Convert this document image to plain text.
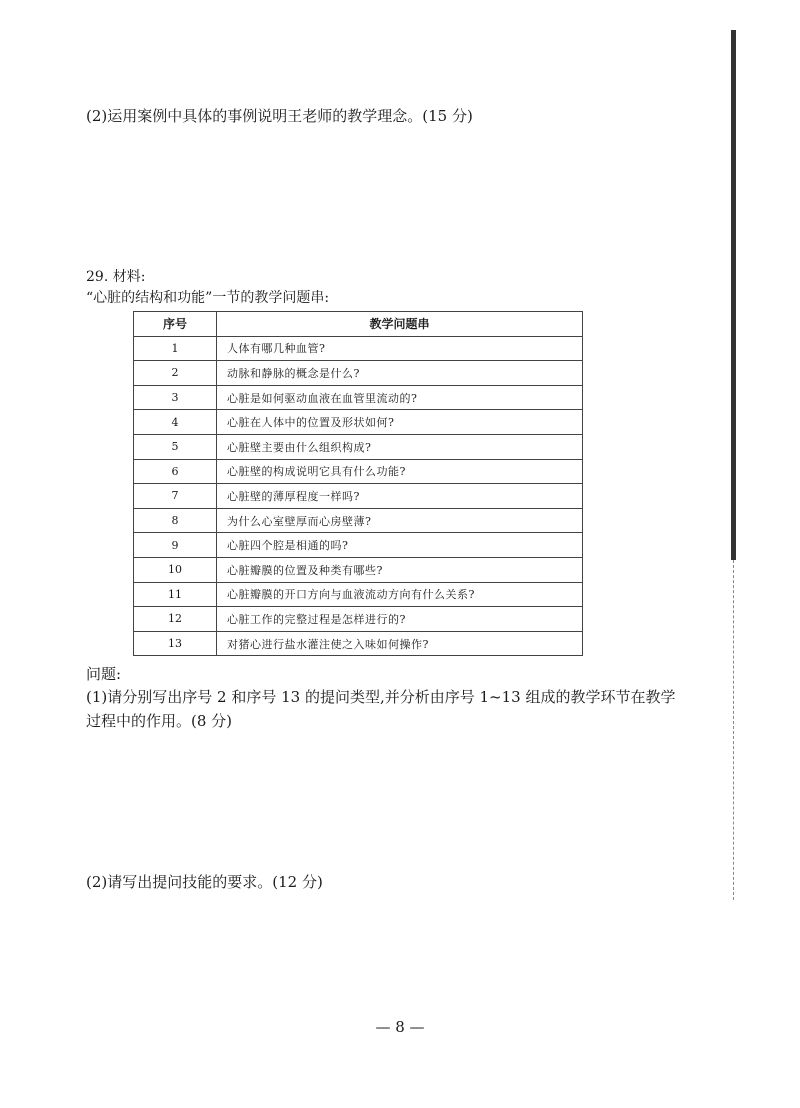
(2)运用案例中具体的事例说明王老师的教学理念。(15 分)
29. 材料:
“心脏的结构和功能”一节的教学问题串:
序号	教学问题串
1	人体有哪几种血管?
2	动脉和静脉的概念是什么?
3	心脏是如何驱动血液在血管里流动的?
4	心脏在人体中的位置及形状如何?
5	心脏壁主要由什么组织构成?
6	心脏壁的构成说明它具有什么功能?
7	心脏壁的薄厚程度一样吗?
8	为什么心室壁厚而心房壁薄?
9	心脏四个腔是相通的吗?
10	心脏瓣膜的位置及种类有哪些?
11	心脏瓣膜的开口方向与血液流动方向有什么关系?
12	心脏工作的完整过程是怎样进行的?
13	对猪心进行盐水灌注使之入味如何操作?
问题:
(1)请分别写出序号 2 和序号 13 的提问类型,并分析由序号 1~13 组成的教学环节在教学
过程中的作用。(8 分)
(2)请写出提问技能的要求。(12 分)
— 8 —
